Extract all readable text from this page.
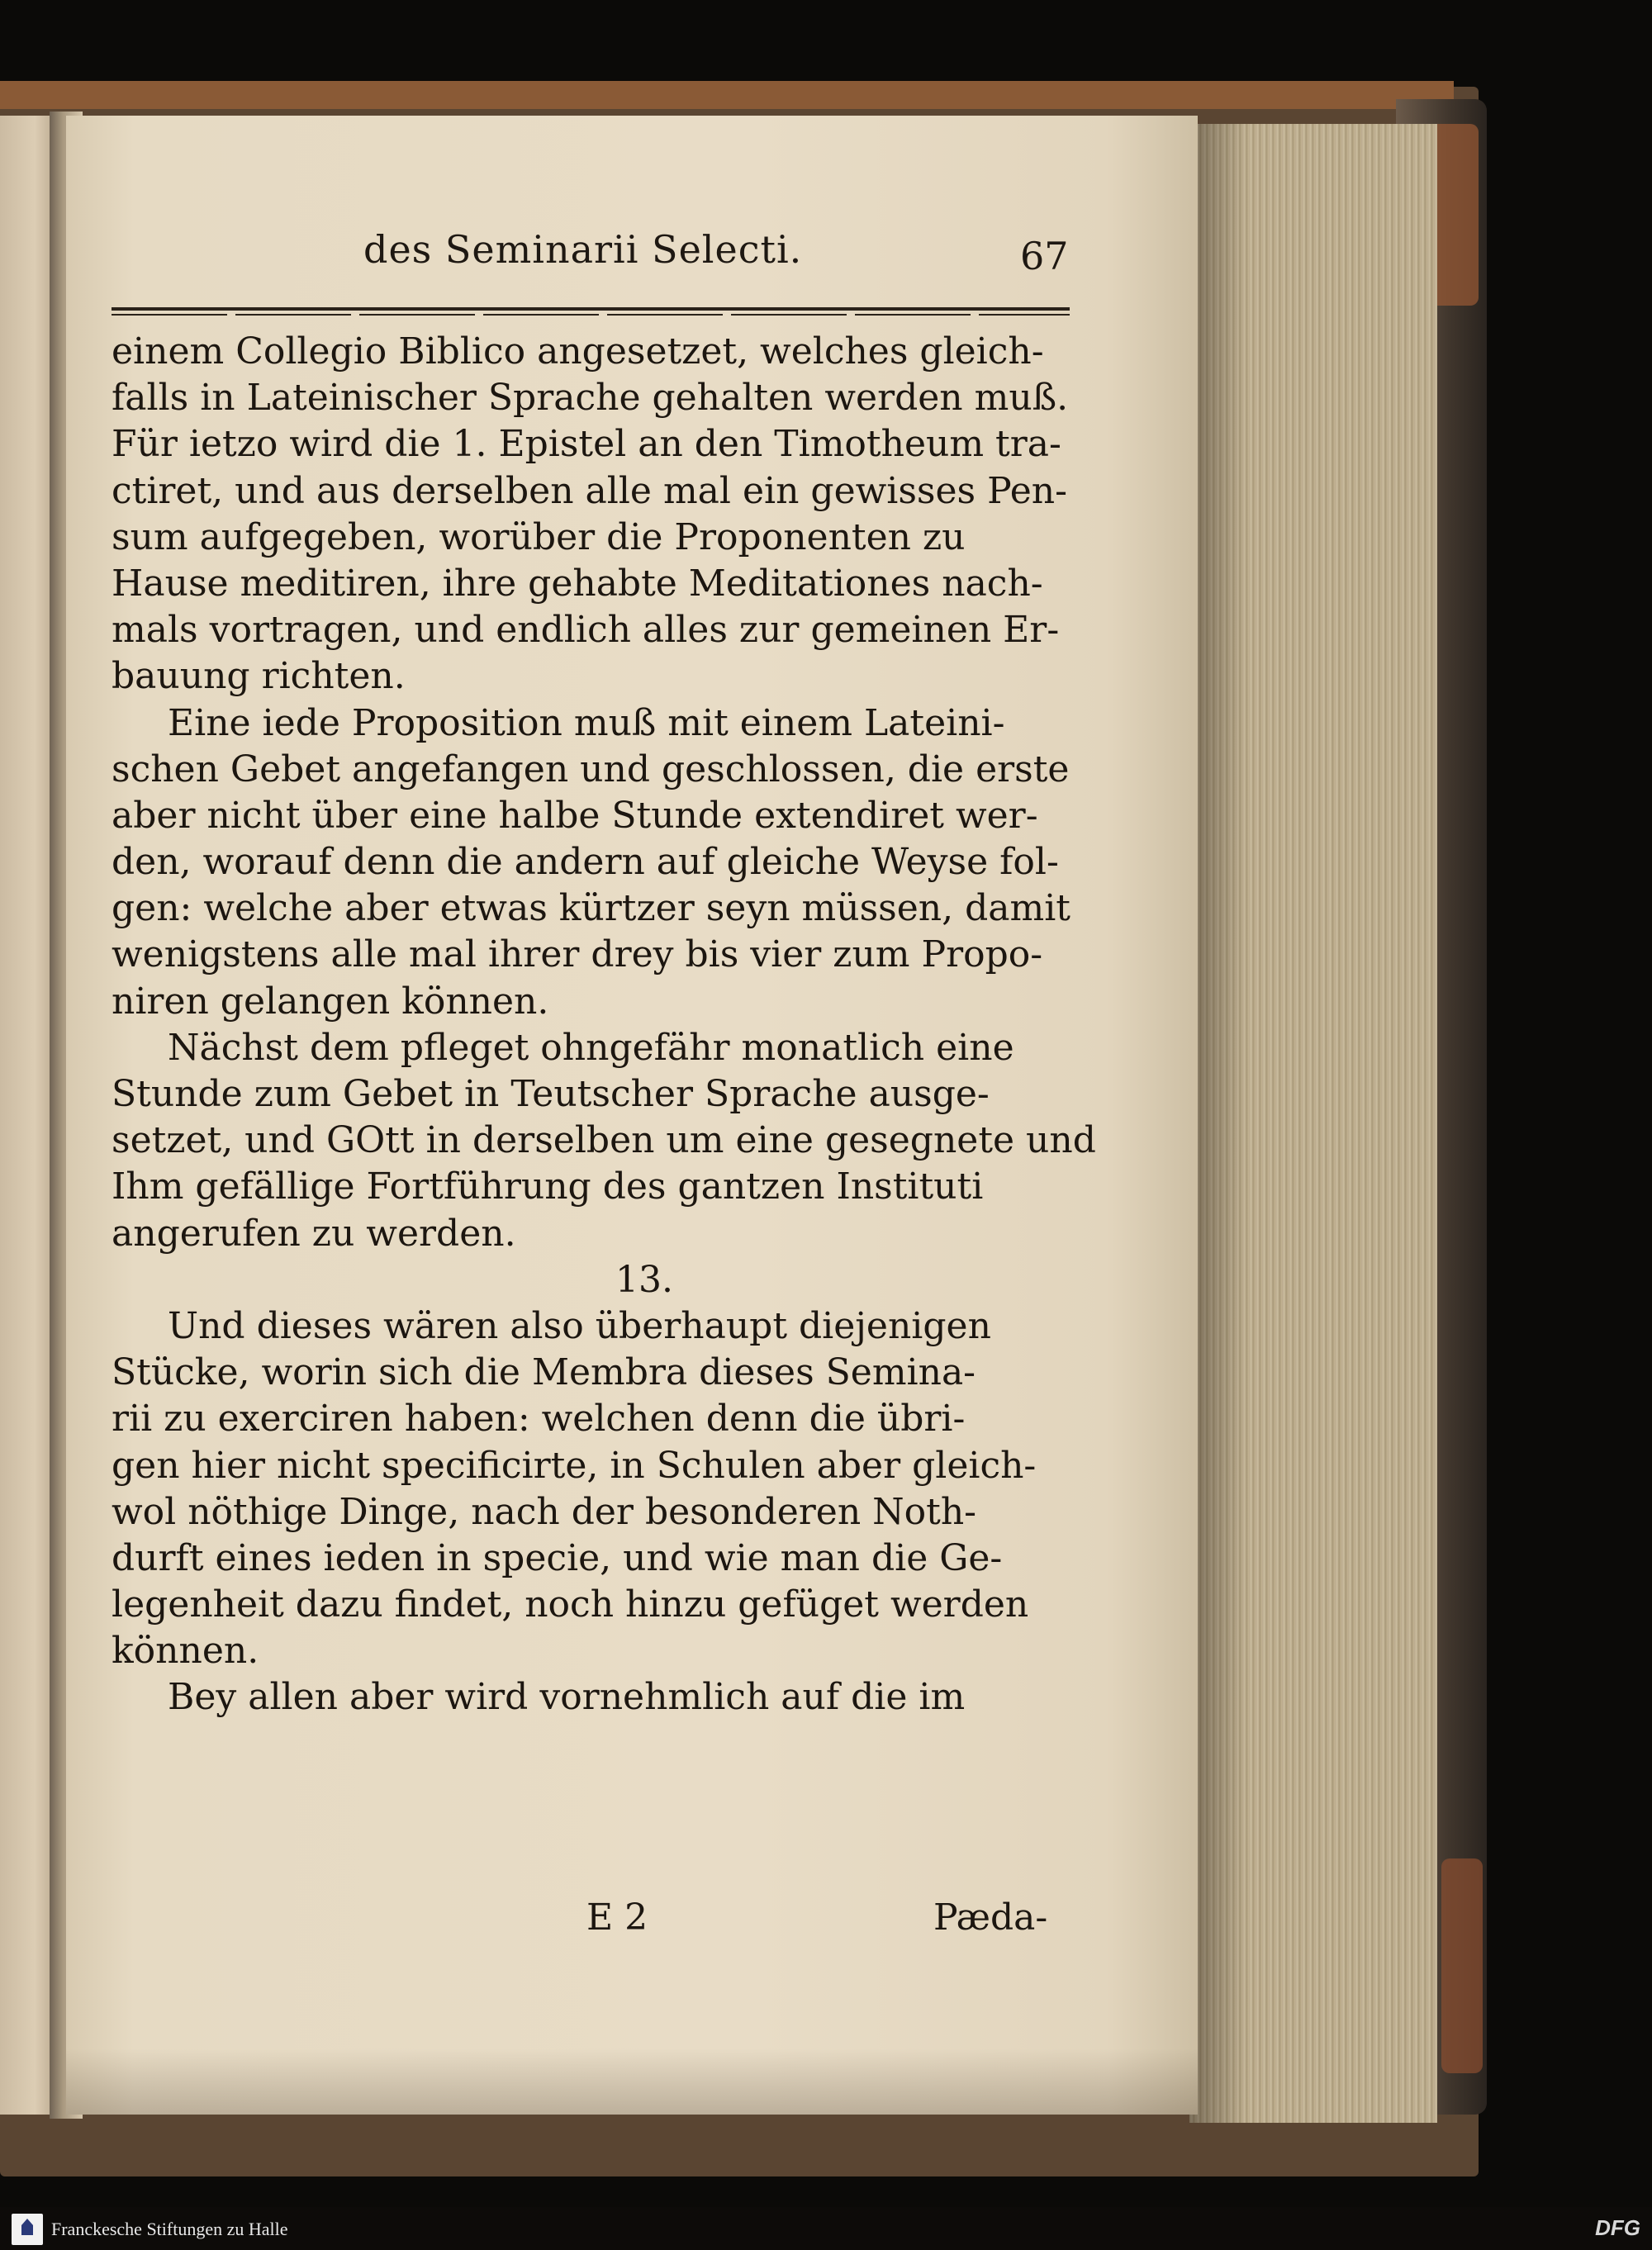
des Seminarii Selecti.	67
einem Collegio Biblico angesetzet, welches gleich-
falls in Lateinischer Sprache gehalten werden muß.
Für ietzo wird die 1. Epistel an den Timotheum tra-
ctiret, und aus derselben alle mal ein gewisses Pen-
sum aufgegeben, worüber die Proponenten zu
Hause meditiren, ihre gehabte Meditationes nach-
mals vortragen, und endlich alles zur gemeinen Er-
bauung richten.
Eine iede Proposition muß mit einem Lateini-
schen Gebet angefangen und geschlossen, die erste
aber nicht über eine halbe Stunde extendiret wer-
den, worauf denn die andern auf gleiche Weyse fol-
gen: welche aber etwas kürtzer seyn müssen, damit
wenigstens alle mal ihrer drey bis vier zum Propo-
niren gelangen können.
Nächst dem pfleget ohngefähr monatlich eine
Stunde zum Gebet in Teutscher Sprache ausge-
setzet, und GOtt in derselben um eine gesegnete und
Ihm gefällige Fortführung des gantzen Instituti
angerufen zu werden.
13.
Und dieses wären also überhaupt diejenigen
Stücke, worin sich die Membra dieses Semina-
rii zu exerciren haben: welchen denn die übri-
gen hier nicht specificirte, in Schulen aber gleich-
wol nöthige Dinge, nach der besonderen Noth-
durft eines ieden in specie, und wie man die Ge-
legenheit dazu findet, noch hinzu gefüget werden
können.
Bey allen aber wird vornehmlich auf die im
E 2	Pæda-
Franckesche Stiftungen zu Halle	DFG
